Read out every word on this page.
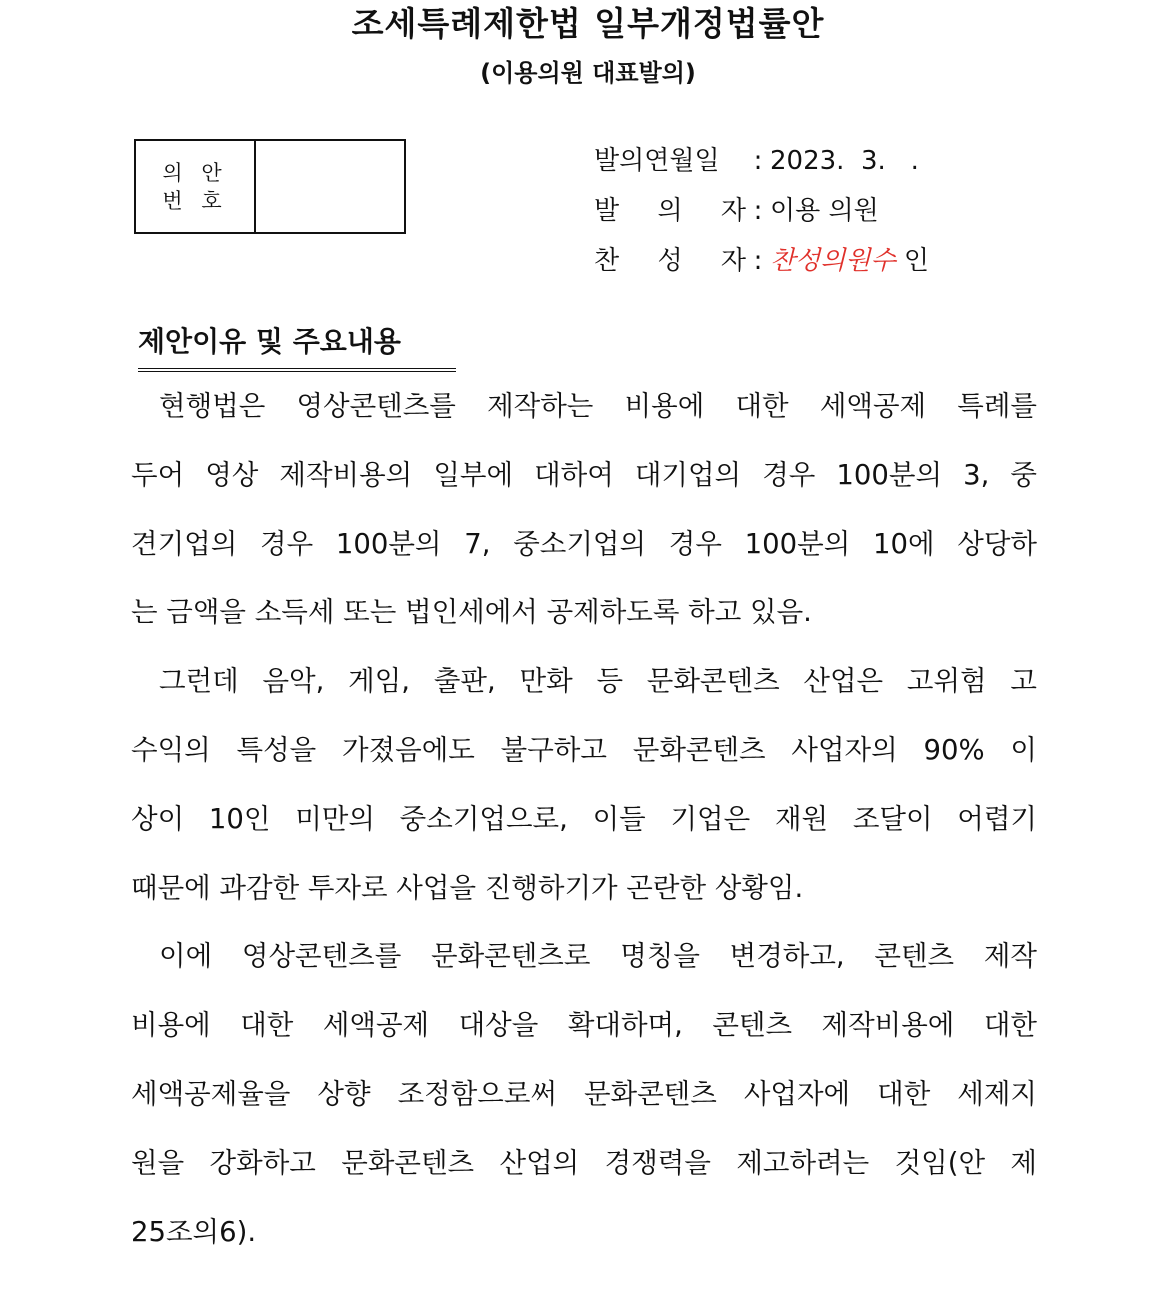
조세특례제한법 일부개정법률안
(이용의원 대표발의)
의 안
번 호
발의연월일	: 2023.  3.   .
발 의 자 : 이용 의원
찬 성 자 : 찬성의원수 인
제안이유 및 주요내용
현행법은 영상콘텐츠를 제작하는 비용에 대한 세액공제 특례를
두어 영상 제작비용의 일부에 대하여 대기업의 경우 100분의 3, 중
견기업의 경우 100분의 7, 중소기업의 경우 100분의 10에 상당하
는 금액을 소득세 또는 법인세에서 공제하도록 하고 있음.
그런데 음악, 게임, 출판, 만화 등 문화콘텐츠 산업은 고위험 고
수익의 특성을 가졌음에도 불구하고 문화콘텐츠 사업자의 90% 이
상이 10인 미만의 중소기업으로, 이들 기업은 재원 조달이 어렵기
때문에 과감한 투자로 사업을 진행하기가 곤란한 상황임.
이에 영상콘텐츠를 문화콘텐츠로 명칭을 변경하고, 콘텐츠 제작
비용에 대한 세액공제 대상을 확대하며, 콘텐츠 제작비용에 대한
세액공제율을 상향 조정함으로써 문화콘텐츠 사업자에 대한 세제지
원을 강화하고 문화콘텐츠 산업의 경쟁력을 제고하려는 것임(안 제
25조의6).
